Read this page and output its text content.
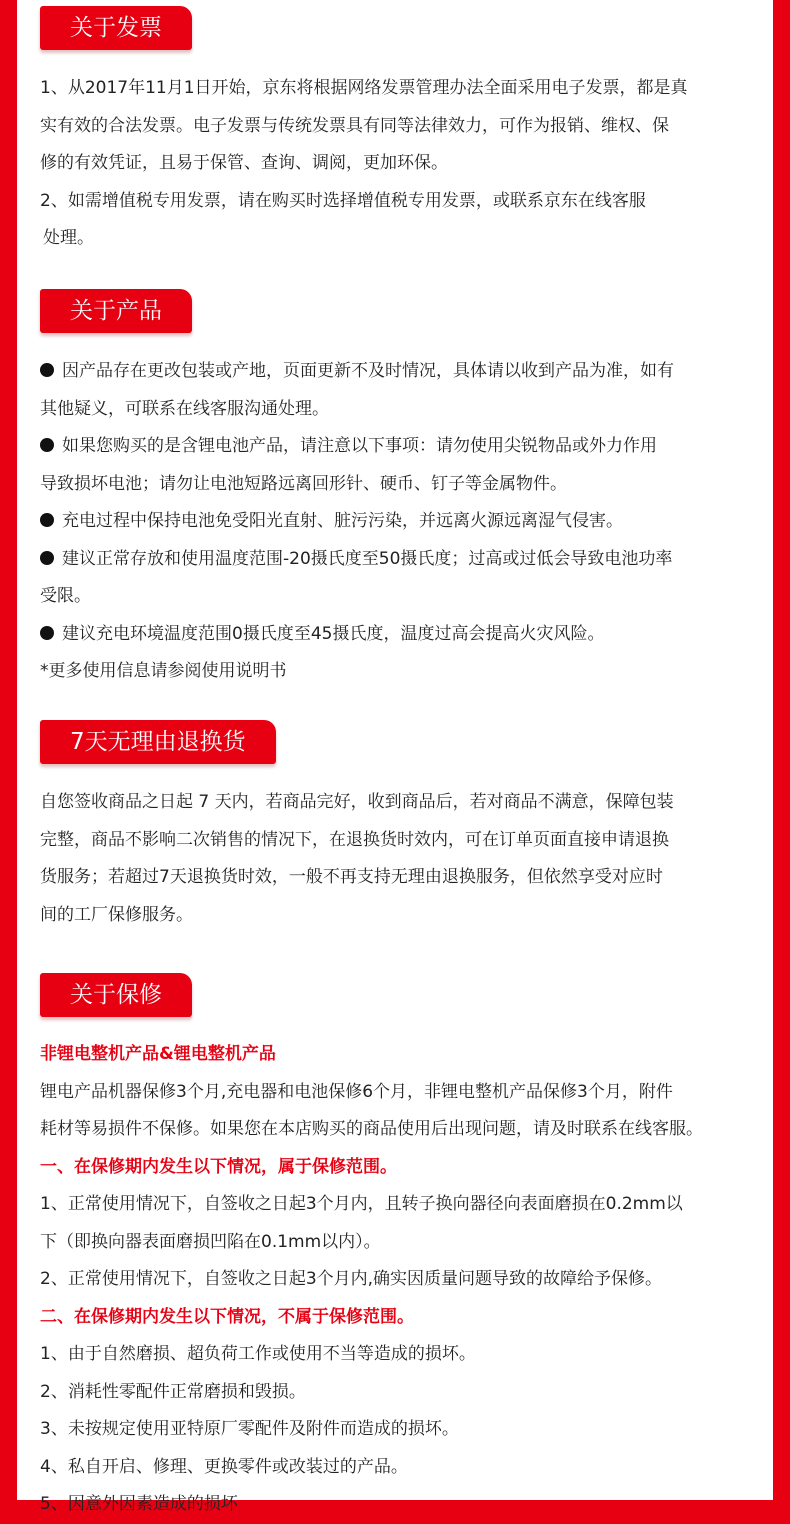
关于发票

1、从2017年11月1日开始，京东将根据网络发票管理办法全面采用电子发票，都是真

实有效的合法发票。电子发票与传统发票具有同等法律效力，可作为报销、维权、保

修的有效凭证，且易于保管、查询、调阅，更加环保。

2、如需增值税专用发票，请在购买时选择增值税专用发票，或联系京东在线客服

处理。

关于产品

因产品存在更改包装或产地，页面更新不及时情况，具体请以收到产品为准，如有

其他疑义，可联系在线客服沟通处理。

如果您购买的是含锂电池产品，请注意以下事项：请勿使用尖锐物品或外力作用

导致损坏电池；请勿让电池短路远离回形针、硬币、钉子等金属物件。

充电过程中保持电池免受阳光直射、脏污污染，并远离火源远离湿气侵害。

建议正常存放和使用温度范围-20摄氏度至50摄氏度；过高或过低会导致电池功率

受限。

建议充电环境温度范围0摄氏度至45摄氏度，温度过高会提高火灾风险。

*更多使用信息请参阅使用说明书

7天无理由退换货

自您签收商品之日起 7 天内，若商品完好，收到商品后，若对商品不满意，保障包装

完整，商品不影响二次销售的情况下，在退换货时效内，可在订单页面直接申请退换

货服务；若超过7天退换货时效，一般不再支持无理由退换服务，但依然享受对应时

间的工厂保修服务。

关于保修

非锂电整机产品&锂电整机产品

锂电产品机器保修3个月,充电器和电池保修6个月，非锂电整机产品保修3个月，附件

耗材等易损件不保修。如果您在本店购买的商品使用后出现问题，请及时联系在线客服。

一、在保修期内发生以下情况，属于保修范围。

1、正常使用情况下，自签收之日起3个月内，且转子换向器径向表面磨损在0.2mm以

下（即换向器表面磨损凹陷在0.1mm以内）。

2、正常使用情况下，自签收之日起3个月内,确实因质量问题导致的故障给予保修。

二、在保修期内发生以下情况，不属于保修范围。

1、由于自然磨损、超负荷工作或使用不当等造成的损坏。

2、消耗性零配件正常磨损和毁损。

3、未按规定使用亚特原厂零配件及附件而造成的损坏。

4、私自开启、修理、更换零件或改装过的产品。

5、因意外因素造成的损坏
